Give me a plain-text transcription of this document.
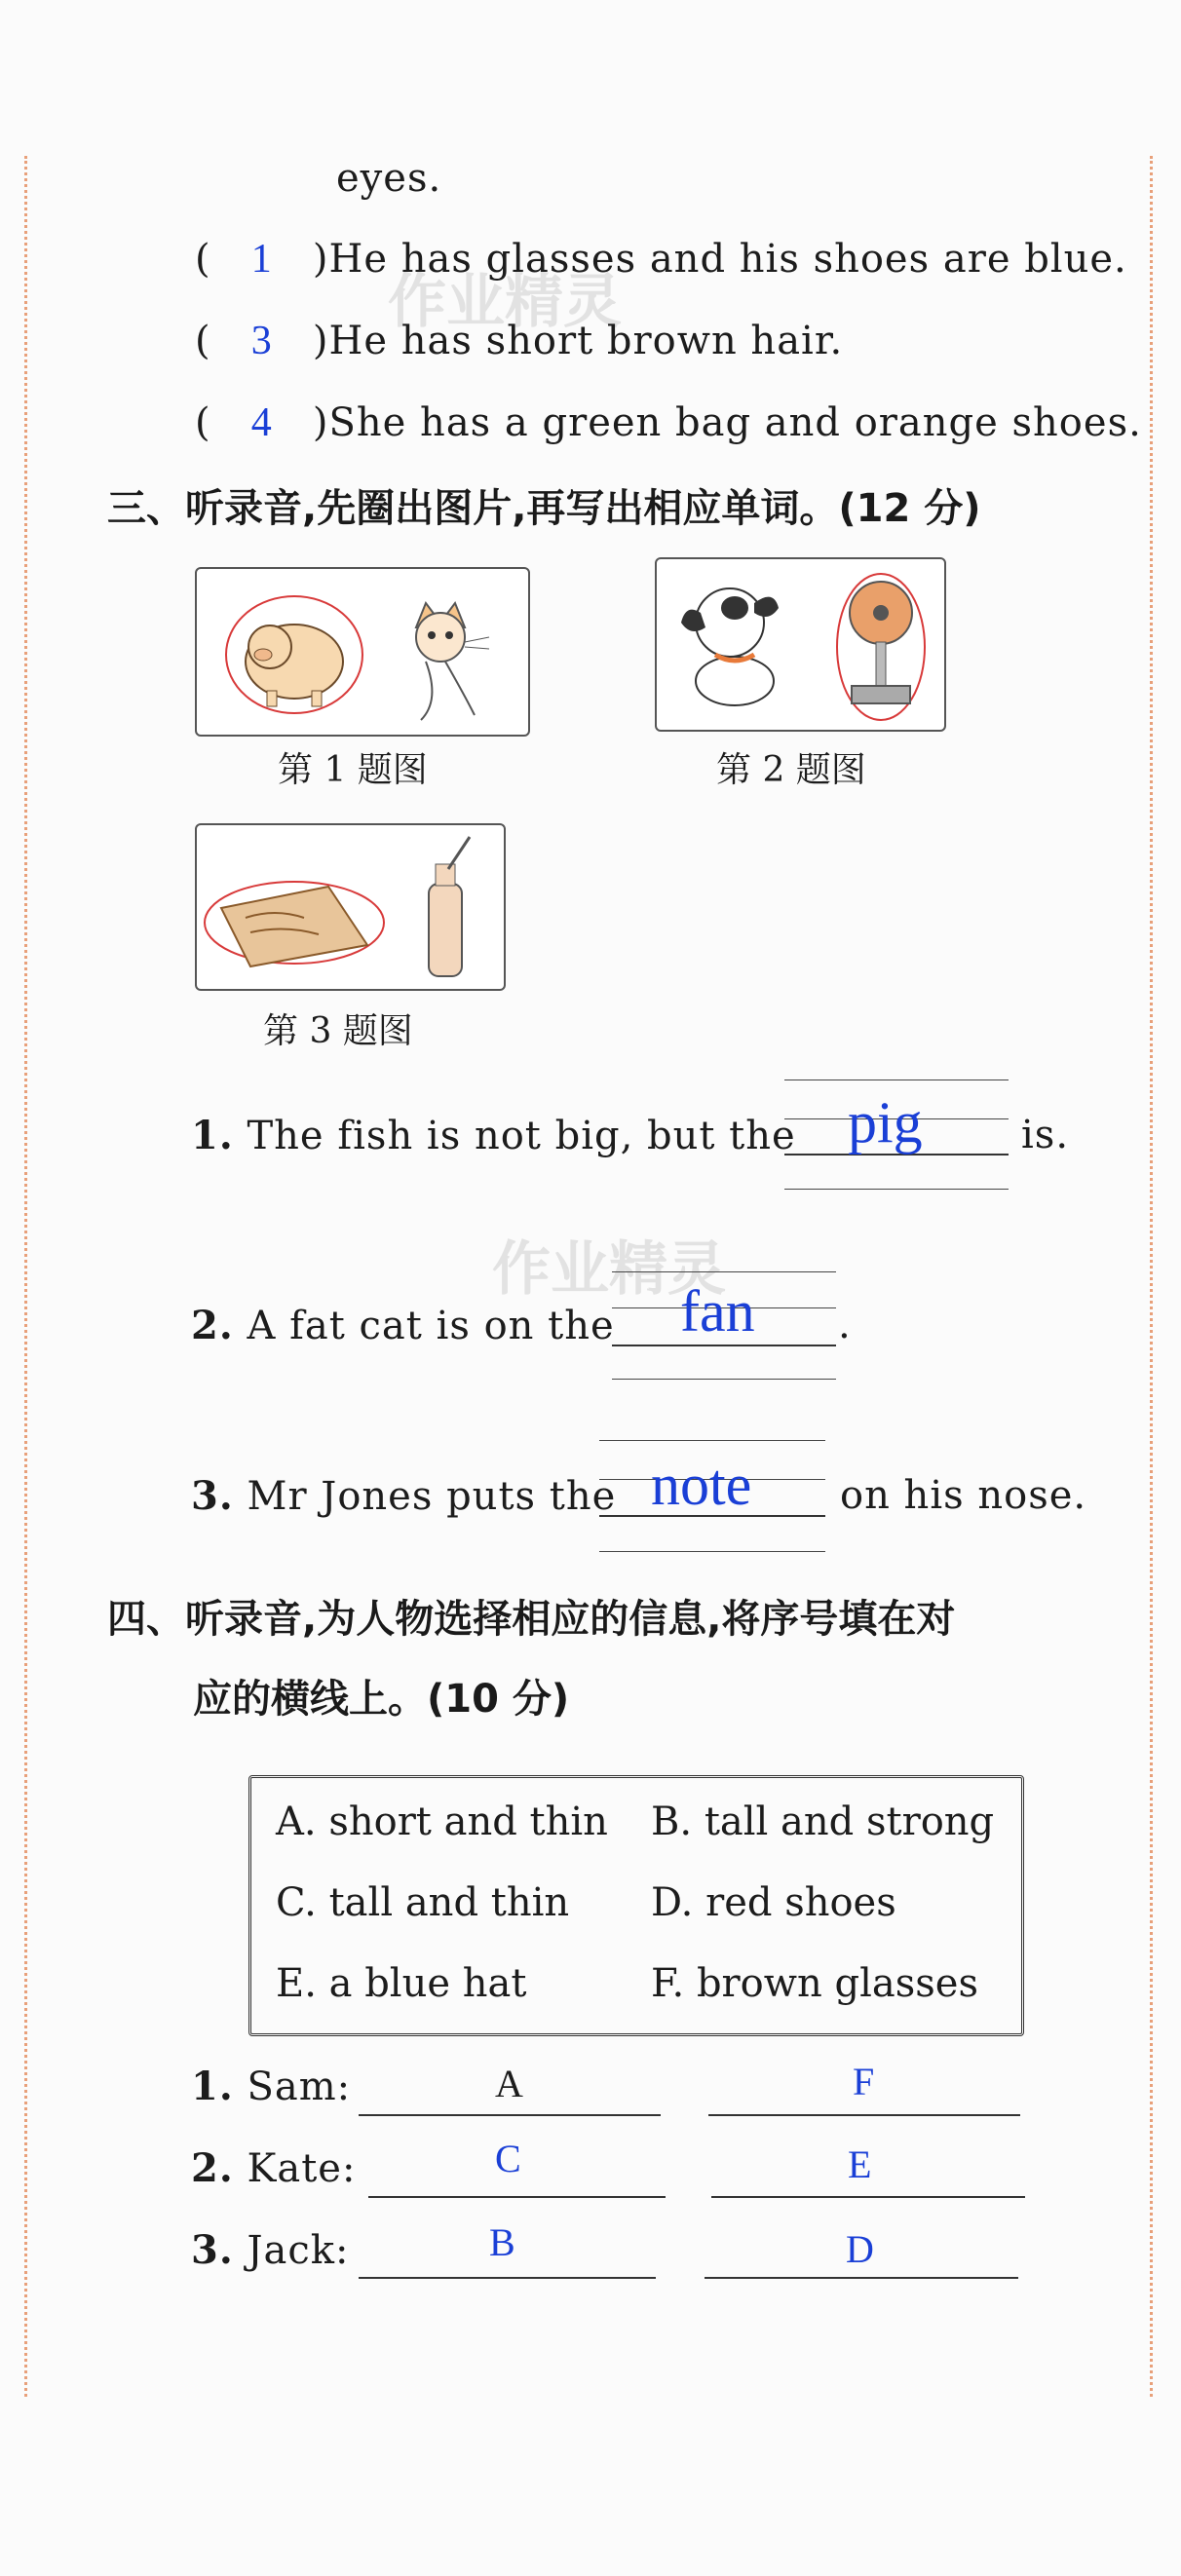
作业精灵
作业精灵
eyes.
(   1   )He has glasses and his shoes are blue.
(   3   )He has short brown hair.
(   4   )She has a green bag and orange shoes.
三、听录音,先圈出图片,再写出相应单词。(12 分)
第 1 题图	第 2 题图
第 3 题图
1. The fish is not big, but the pig	is.
2. A fat cat is on the fan .
3. Mr Jones puts the note on his nose.
四、听录音,为人物选择相应的信息,将序号填在对
应的横线上。(10 分)
A. short and thin B. tall and strong
C. tall and thin D. red shoes
E. a blue hat	F. brown glasses
1. Sam:	A	F
2. Kate:	C	E
3. Jack:	B	D
